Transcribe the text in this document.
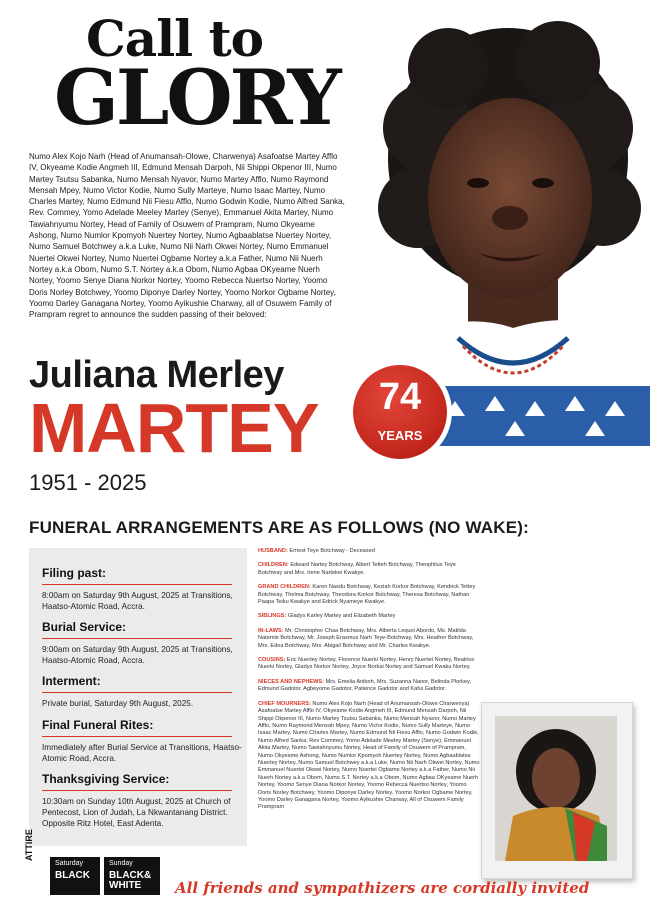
Call to
GLORY
Numo Alex Kojo Narh (Head of Anumansah-Olowe, Charwenya) Asafoatse Martey Afflo IV, Okyeame Kodie Angmeh III, Edmund Mensah Darpoh, Nii Shippi Okpenor III, Numo Martey Tsutsu Sabanka, Numo Mensah Nyavor, Numo Martey Afflo, Numo Raymond Mensah Mpey, Numo Victor Kodie, Numo Sully Marteye, Numo Isaac Martey, Numo Charles Martey, Numo Edmund Nii Fiesu Afflo, Numo Godwin Kodie, Numo Alfred Sanka, Rev. Commey, Yomo Adelade Meeley Martey (Senye), Emmanuel Akita Martey, Numo Tawiahnyumu Nortey, Head of Family of Osuwem of Prampram, Numo Okyeame Ashong, Numo Numlor Kpomyoh Nuertey Nortey, Numo Agbaablatse Nuertey Nortey, Numo Samuel Botchwey a.k.a Luke, Numo Nii Narh Okwei Nortey, Numo Emmanuel Nuertei Okwei Nortey, Numo Nuertei Ogbame Nortey a.k.a Father, Numo Nii Nuerh Nortey a.k.a Obom, Numo S.T. Nortey a.k.a Obom, Numo Agbaa OKyeame Nuerh Nortey, Yoomo Senye Diana Norkor Nortey, Yoomo Rebecca Nuertso Nortey, Yoomo Doris Norley Botchwey, Yoomo Diponye Darley Nortey, Yoomo Norkor Ogbame Nortey, Yoomo Darley Ganagana Nortey, Yoomo Ayikushie Charway, all of Osuwem Family of Prampram regret to announce the sudden passing of their beloved:
Juliana Merley
MARTEY
1951 - 2025
74
YEARS
FUNERAL ARRANGEMENTS ARE AS FOLLOWS (NO WAKE):
Filing past:
8:00am on Saturday 9th August, 2025 at Transitions, Haatso-Atomic Road, Accra.
Burial Service:
9:00am on Saturday 9th August, 2025 at Transitions, Haatso-Atomic Road, Accra.
Interment:
Private burial, Saturday 9th August, 2025.
Final Funeral Rites:
Immediately after Burial Service at Transitions, Haatso-Atomic Road, Accra.
Thanksgiving Service:
10:30am on Sunday 10th August, 2025 at Church of Pentecost, Lion of Judah, La Nkwantanang District. Opposite Ritz Hotel, East Adenta.

HUSBAND: Ernest Teye Botchway - Deceased

CHILDREN: Edward Nartey Botchway, Albert Tetteh Botchway, Theophilus Teye Botchway and Mrs. Irene Nartekei Kwakye.

GRAND CHILDREN: Karen Nasdu Botchway, Keziah Korkor Botchway, Kendrick Tettey Botchway, Thelma Botchway, Theodora Korkor Botchway, Theresa Botchway, Nathan Paapa Teiku Kwakye and Edrick Nyameye Kwakye.

SIBLINGS: Gladys Karley Martey and Elizabeth Martey

IN-LAWS: Mr. Christopher Chaa Botchway, Mrs. Alberta Lequoi Abordo, Ms. Matilda Natemle Botchway, Mr. Joseph Erasmus Narh Teye-Botchway, Mrs. Heather Botchway, Mrs. Edna Botchway, Mrs. Abigail Botchway and Mr. Charles Kwakye.

COUSINS: Eric Nuertey Nortey, Florence Nuerki Nortey, Henry Nuertei Nortey, Beatrice Nuerki Nortey, Gladys Norkor Nortey, Joyce Norkai Nortey and Samuel Kwaku Nortey.

NIECES AND NEPHEWS: Mrs. Emelia Aniboh, Mrs. Suzanna Nanor, Belinda Plorkey, Edmund Gadotor, Agbeyome Gadotor, Patience Gadotor and Kafui Gadotor.

CHIEF MOURNERS: Numo Alex Kojo Narh (Head of Anumansah-Olowe Charwenya) Asafoatse Martey Afflo IV, Okyeame Kodie Angmeh III, Edmund Mensah Darpoh, Nii Shippi Okpenor III, Numo Martey Tsutsu Sabanka, Numo Mensah Nyavor, Numo Martey Afflo, Numo Raymond Mensah Mpey, Numo Victor Kodie, Numo Sully Marteye, Numo Isaac Martey, Numo Charles Martey, Numo Edmund Nii Fiesu Afflo, Numo Godwin Kodie, Numo Alfred Sanka, Rev Commey, Yomo Adelade Meeley Martey (Senye), Emmanuel Akita Martey, Numo Tawiahnyumu Nortey, Head of Family of Osuwem of Prampram, Numo Okyeame Ashong, Numo Numlor Kpomyoh Nuertey Nortey, Numo Agbaablatse Nuertey Nortey, Numo Samuel Botchwey a.k.a Luke, Numo Nii Narh Okwei Nortey, Numo Emmanuel Nuertei Okwei Nortey, Numo Nuertei Ogbame Nortey a.k.a Father, Numo Nii Nuerh Nortey a.k.a Obom, Numo S.T. Nortey a.k.a Obom, Numo Agbaa OKyeame Nuerh Nortey, Yoomo Senye Diana Norkor Nortey, Yoomo Rebecca Nuertso Nortey, Yoomo Doris Norley Botchwey, Yoomo Diponye Darley Nortey, Yoomo Norkor Ogbame Nortey, Yoomo Darley Ganagana Nortey, Yoomo Ayikushie Charway, All of Osuwem Family Prampram

ATTIRE
Saturday
BLACK
Sunday
BLACK& WHITE	All friends and sympathizers are cordially invited
